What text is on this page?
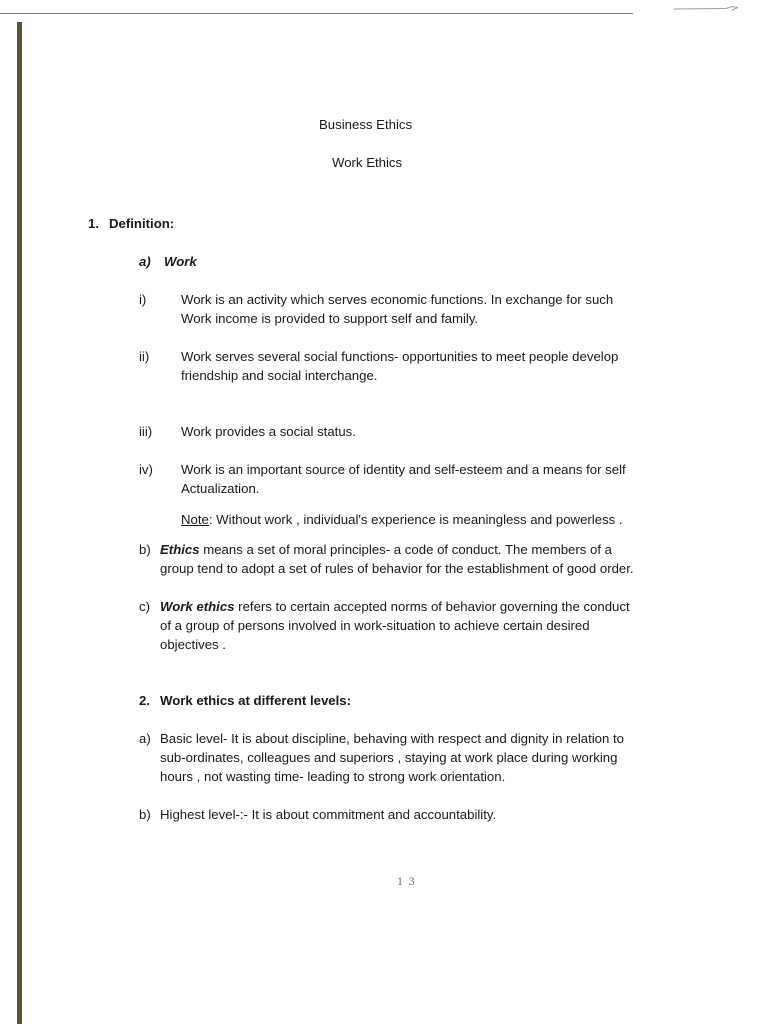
Business Ethics
Work Ethics
1. Definition:
a) Work
i)	Work is an activity which serves economic functions. In exchange for such
Work income is provided to support self and family.
ii) Work serves several social functions- opportunities to meet people develop
friendship and social interchange.
iii) Work provides a social status.
iv) Work is an important source of identity and self-esteem and a means for self
Actualization.
Note: Without work , individual's experience is meaningless and powerless .
b) Ethics means a set of moral principles- a code of conduct. The members of a
group tend to adopt a set of rules of behavior for the establishment of good order.
c) Work ethics refers to certain accepted norms of behavior governing the conduct
of a group of persons involved in work-situation to achieve certain desired
objectives .
2. Work ethics at different levels:
a) Basic level- It is about discipline, behaving with respect and dignity in relation to
sub-ordinates, colleagues and superiors , staying at work place during working
hours , not wasting time- leading to strong work orientation.
b) Highest level-:- It is about commitment and accountability.
1 3
